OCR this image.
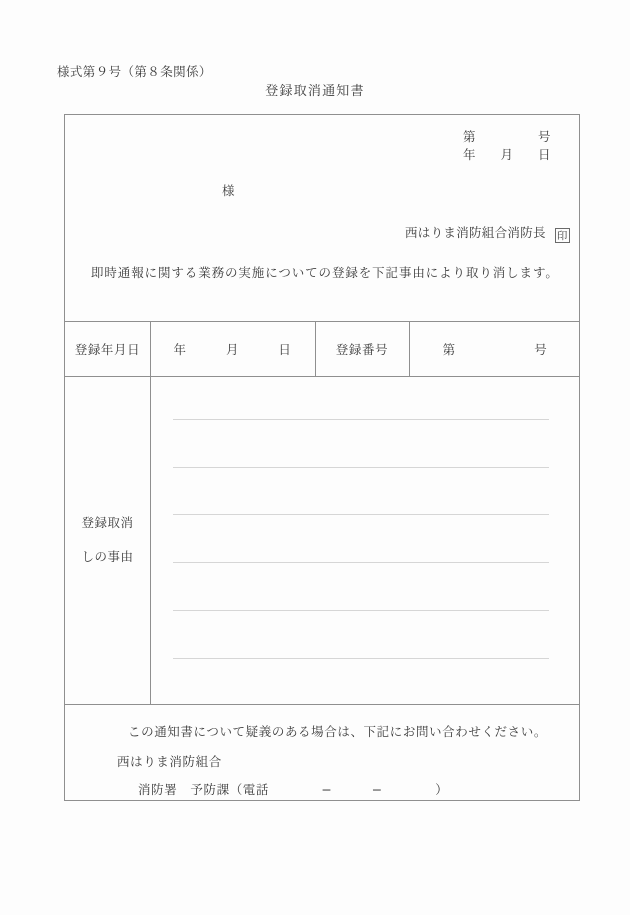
様式第９号（第８条関係）
登録取消通知書
第　　　　　号
年　　月　　日
様
西はりま消防組合消防長 印
即時通報に関する業務の実施についての登録を下記事由により取り消します。
登録年月日	年　　　月　　　日	登録番号	第　　　　　　号
登録取消
しの事由
この通知書について疑義のある場合は、下記にお問い合わせください。
西はりま消防組合
消防署　予防課（電話　　　　−　　　−　　　　）
